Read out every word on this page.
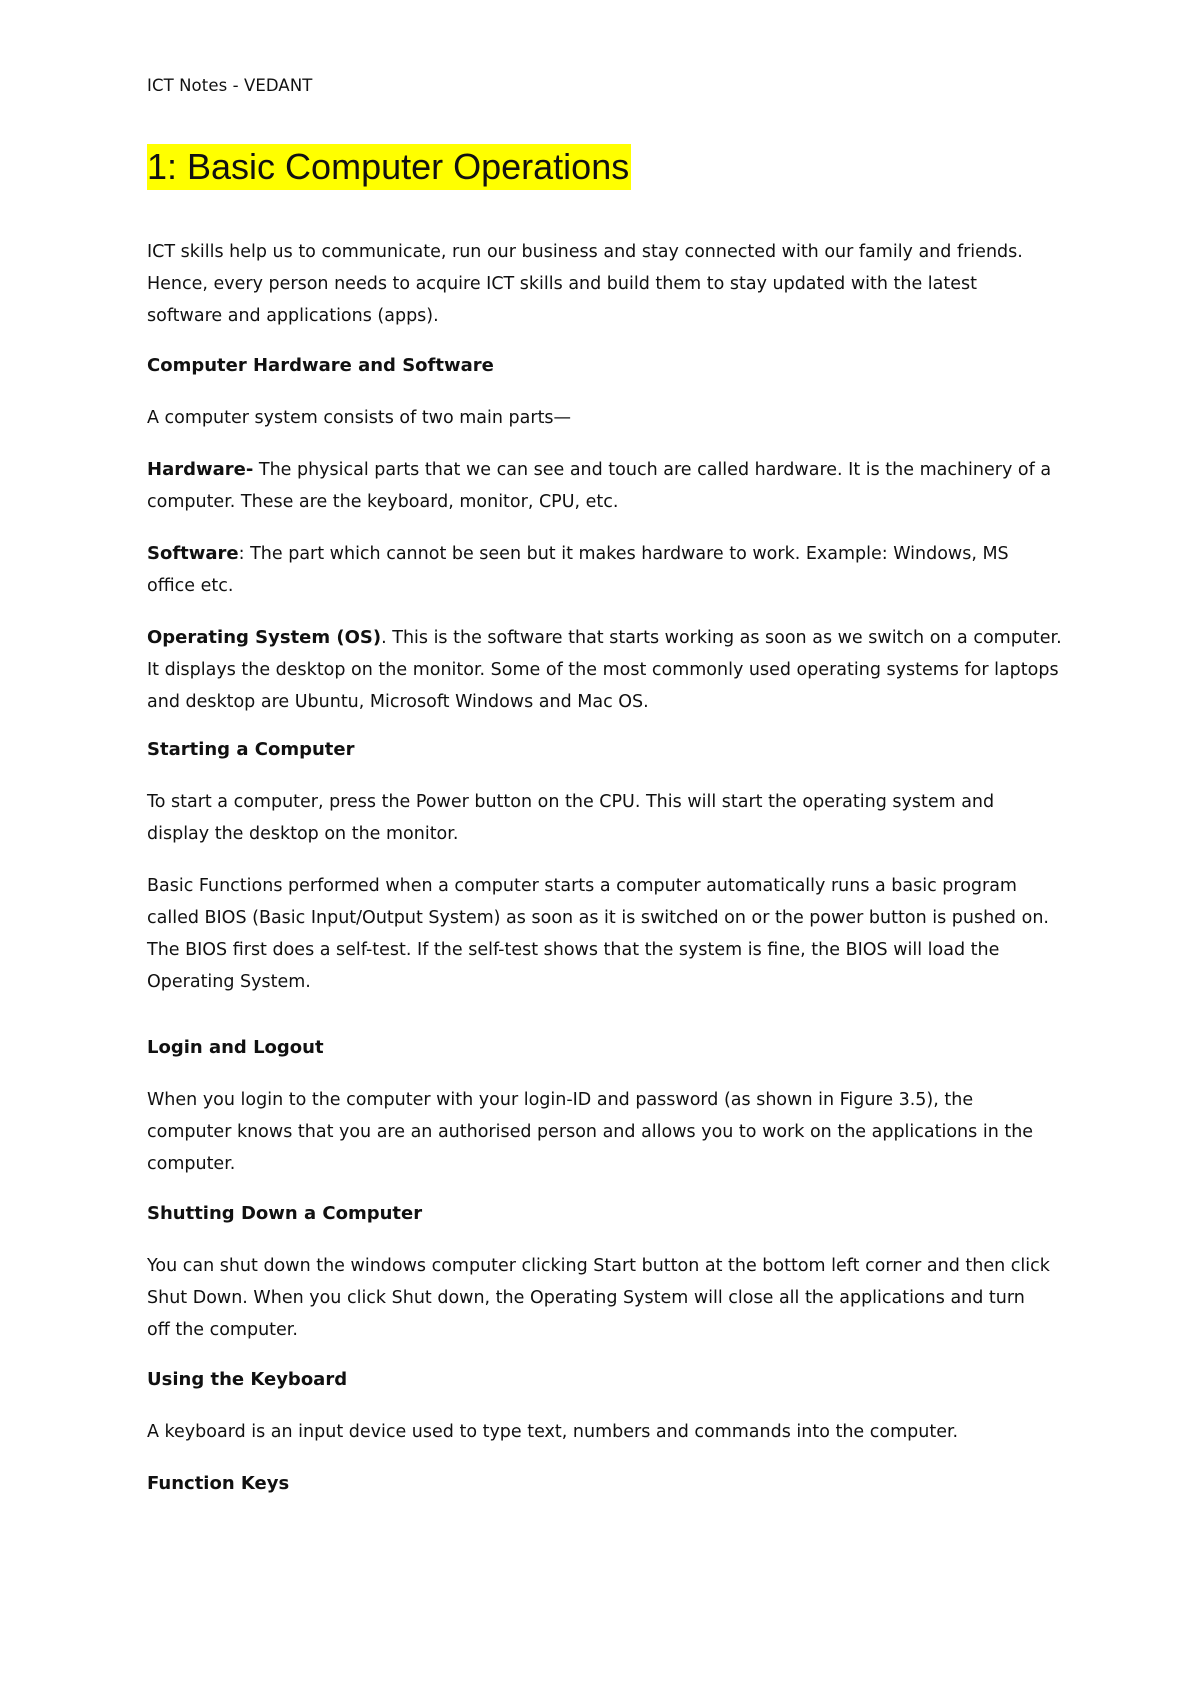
ICT Notes - VEDANT
1: Basic Computer Operations

ICT skills help us to communicate, run our business and stay connected with our family and friends. Hence, every person needs to acquire ICT skills and build them to stay updated with the latest software and applications (apps).

Computer Hardware and Software

A computer system consists of two main parts—

Hardware- The physical parts that we can see and touch are called hardware. It is the machinery of a computer. These are the keyboard, monitor, CPU, etc.

Software: The part which cannot be seen but it makes hardware to work. Example: Windows, MS office etc.

Operating System (OS). This is the software that starts working as soon as we switch on a computer. It displays the desktop on the monitor. Some of the most commonly used operating systems for laptops and desktop are Ubuntu, Microsoft Windows and Mac OS.

Starting a Computer

To start a computer, press the Power button on the CPU. This will start the operating system and display the desktop on the monitor.

Basic Functions performed when a computer starts a computer automatically runs a basic program called BIOS (Basic Input/Output System) as soon as it is switched on or the power button is pushed on. The BIOS first does a self-test. If the self-test shows that the system is fine, the BIOS will load the Operating System.

Login and Logout

When you login to the computer with your login-ID and password (as shown in Figure 3.5), the computer knows that you are an authorised person and allows you to work on the applications in the computer.

Shutting Down a Computer

You can shut down the windows computer clicking Start button at the bottom left corner and then click Shut Down. When you click Shut down, the Operating System will close all the applications and turn off the computer.

Using the Keyboard

A keyboard is an input device used to type text, numbers and commands into the computer.

Function Keys
